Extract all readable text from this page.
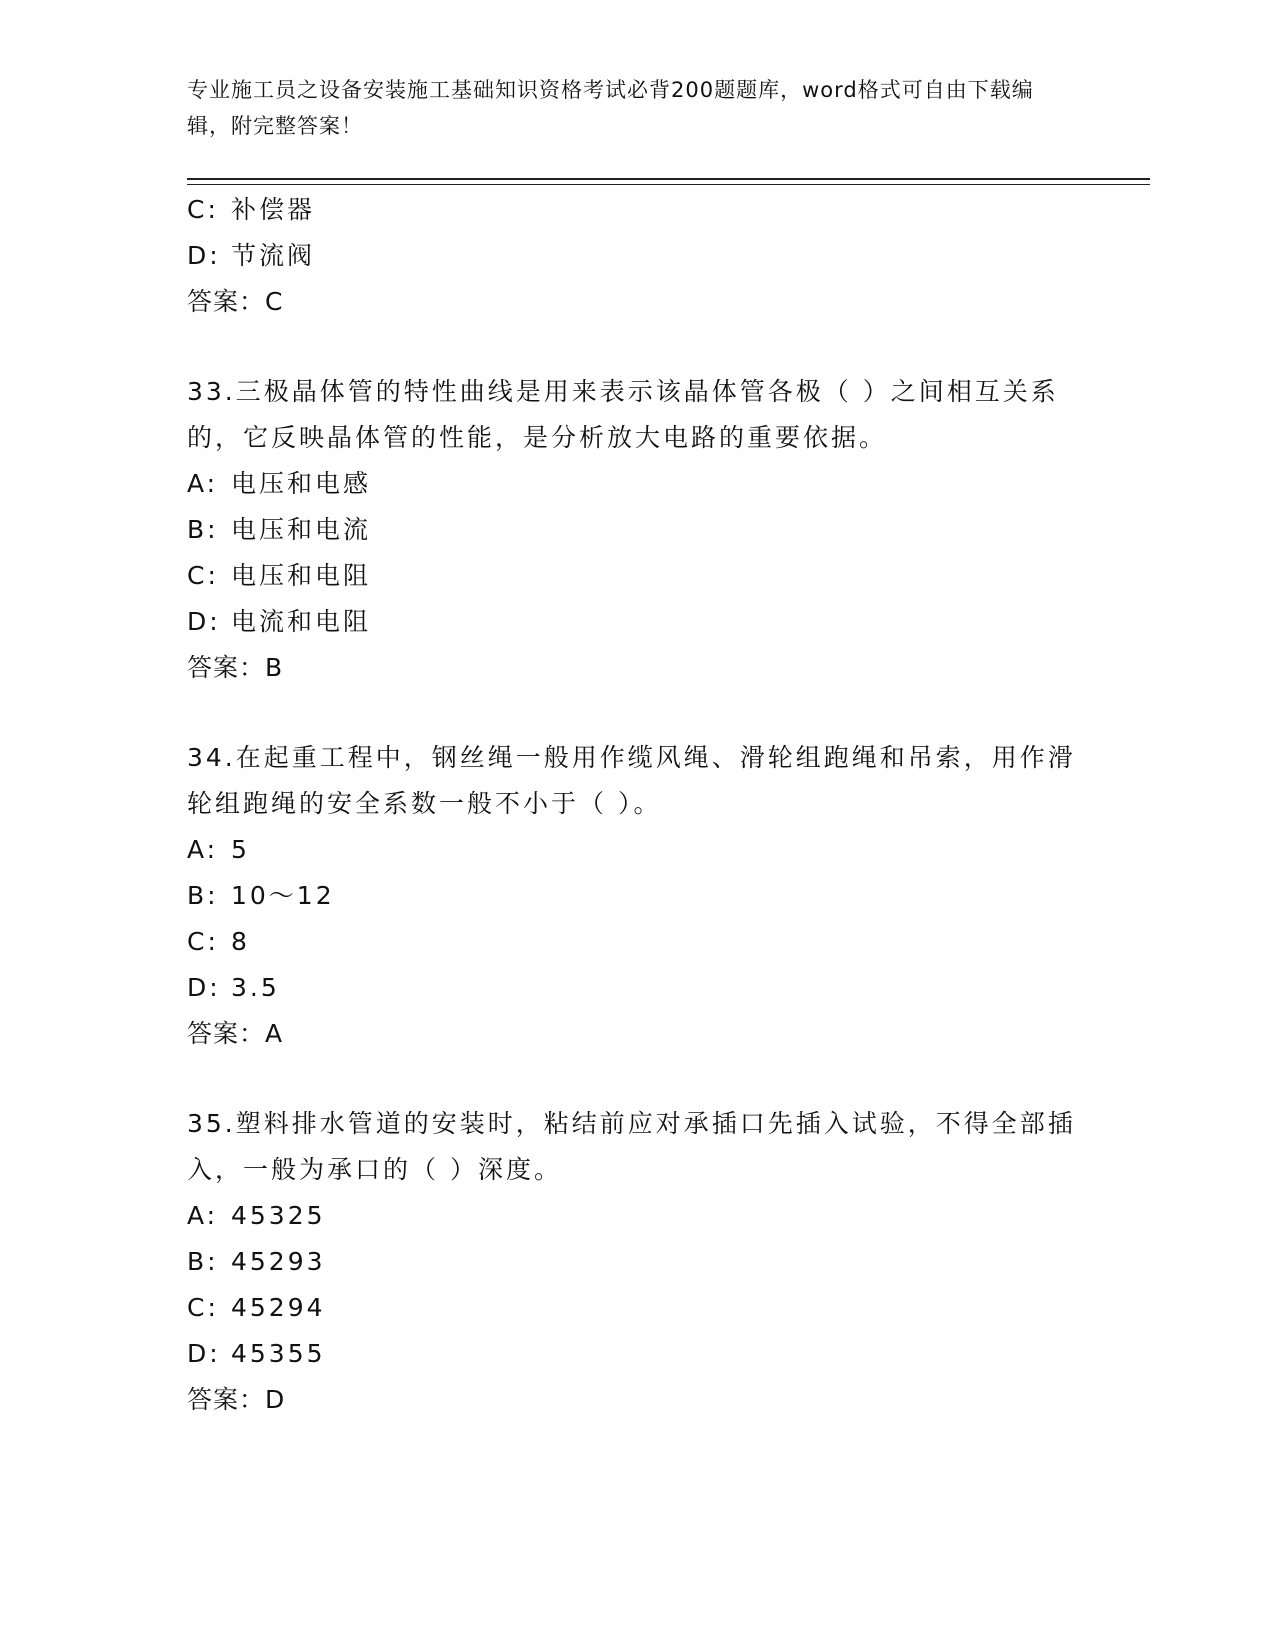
专业施工员之设备安装施工基础知识资格考试必背200题题库，word格式可自由下载编辑，附完整答案！
C: 补偿器
D: 节流阀
答案：C
33.三极晶体管的特性曲线是用来表示该晶体管各极（ ）之间相互关系的，它反映晶体管的性能，是分析放大电路的重要依据。
A: 电压和电感
B: 电压和电流
C: 电压和电阻
D: 电流和电阻
答案：B
34.在起重工程中，钢丝绳一般用作缆风绳、滑轮组跑绳和吊索，用作滑轮组跑绳的安全系数一般不小于（ ）。
A: 5
B: 10～12
C: 8
D: 3.5
答案：A
35.塑料排水管道的安装时，粘结前应对承插口先插入试验，不得全部插入，一般为承口的（ ）深度。
A: 45325
B: 45293
C: 45294
D: 45355
答案：D
